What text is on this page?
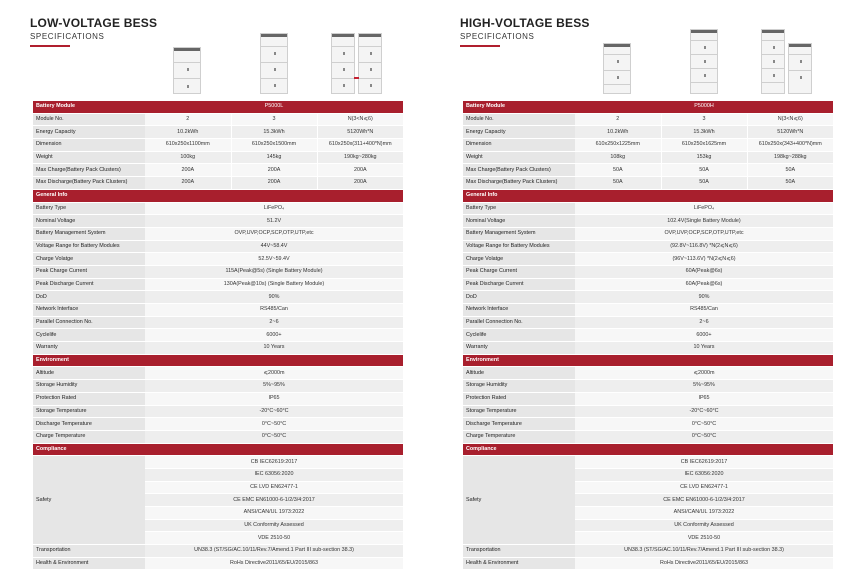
LOW-VOLTAGE BESS
SPECIFICATIONS
Battery Module	P5000L		
Module No.	2	3	N(3<N⩽6)
Energy Capacity	10.2kWh	15.3kWh	5120Wh*N
Dimension	610x250x1100mm	610x250x1500mm	610x250x(311+400*N)mm
Weight	100kg	145kg	190kg~280kg
Max Charge(Battery Pack Clusters)	200A	200A	200A
Max Discharge(Battery Pack Clusters)	200A	200A	200A
General Info			
Battery Type	LiFePO₄		
Nominal Voltage	51.2V		
Battery Management System	OVP,UVP,OCP,SCP,OTP,UTP,etc		
Voltage Range for Battery Modules	44V~58.4V		
Charge Volatge	52.5V~59.4V		
Peak Charge Current	115A(Peak@5s) (Single Battery Module)		
Peak Discharge Current	130A(Peak@10s) (Single Battery Module)		
DoD	90%		
Network Interface	RS485/Can		
Parallel Connection No.	2~6		
Cyclelife	6000+		
Warranty	10 Years		
Environment			
Altitude	⩽2000m		
Storage Humidity	5%~95%		
Protection Rated	IP65		
Storage Temperature	-20°C~60°C		
Discharge Temperature	0°C~50°C		
Charge Temperature	0°C~50°C		
Compliance			
Safety	CB IEC62619:2017		
	IEC 63056:2020		
	CE LVD EN62477-1		
	CE EMC EN61000-6-1/2/3/4:2017		
	ANSI/CAN/UL 1973:2022		
	UK Conformity Assessed		
	VDE 2510-50		
Transportation	UN38.3 (ST/SG/AC.10/11/Rev.7/Amend.1 Part III sub-section 38.3)		
Health & Environment	RoHs Directive2011/65/EU/2015/863		
HIGH-VOLTAGE BESS
SPECIFICATIONS
Battery Module	P5000H		
Module No.	2	3	N(3<N⩽6)
Energy Capacity	10.2kWh	15.3kWh	5120Wh*N
Dimension	610x250x1225mm	610x250x1625mm	610x250x(343+400*N)mm
Weight	108kg	153kg	198kg~288kg
Max Charge(Battery Pack Clusters)	50A	50A	50A
Max Discharge(Battery Pack Clusters)	50A	50A	50A
General Info			
Battery Type	LiFePO₄		
Nominal Voltage	102.4V(Single Battery Module)		
Battery Management System	OVP,UVP,OCP,SCP,OTP,UTP,etc		
Voltage Range for Battery Modules	(92.8V~116.8V) *N(2⩽N⩽6)		
Charge Volatge	(96V~113.6V) *N(2⩽N⩽6)		
Peak Charge Current	60A(Peak@6s)		
Peak Discharge Current	60A(Peak@6s)		
DoD	90%		
Network Interface	RS485/Can		
Parallel Connection No.	2~6		
Cyclelife	6000+		
Warranty	10 Years		
Environment			
Altitude	⩽2000m		
Storage Humidity	5%~95%		
Protection Rated	IP65		
Storage Temperature	-20°C~60°C		
Discharge Temperature	0°C~50°C		
Charge Temperature	0°C~50°C		
Compliance			
Safety	CB IEC62619:2017		
	IEC 63056:2020		
	CE LVD EN62477-1		
	CE EMC EN61000-6-1/2/3/4:2017		
	ANSI/CAN/UL 1973:2022		
	UK Conformity Assessed		
	VDE 2510-50		
Transportation	UN38.3 (ST/SG/AC.10/11/Rev.7/Amend.1 Part III sub-section 38.3)		
Health & Environment	RoHs Directive2011/65/EU/2015/863		
